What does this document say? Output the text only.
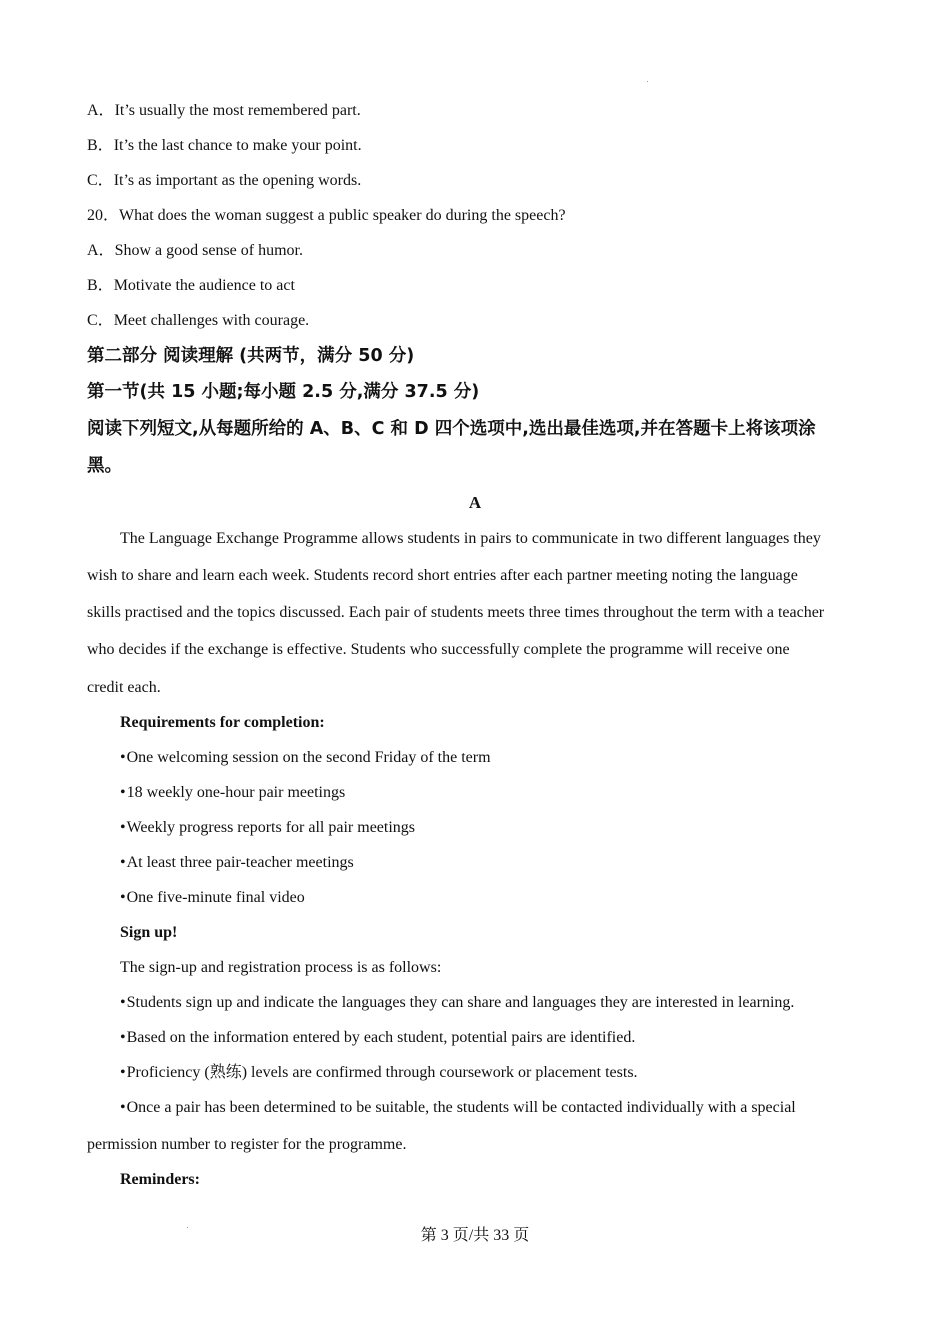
A．It’s usually the most remembered part.
B．It’s the last chance to make your point.
C．It’s as important as the opening words.
20．What does the woman suggest a public speaker do during the speech?
A．Show a good sense of humor.
B．Motivate the audience to act
C．Meet challenges with courage.
第二部分 阅读理解 (共两节，满分 50 分)
第一节(共 15 小题;每小题 2.5 分,满分 37.5 分)
阅读下列短文,从每题所给的 A、B、C 和 D 四个选项中,选出最佳选项,并在答题卡上将该项涂
黑。
A
The Language Exchange Programme allows students in pairs to communicate in two different languages they
wish to share and learn each week. Students record short entries after each partner meeting noting the language
skills practised and the topics discussed. Each pair of students meets three times throughout the term with a teacher
who decides if the exchange is effective. Students who successfully complete the programme will receive one
credit each.
Requirements for completion:
•One welcoming session on the second Friday of the term
•18 weekly one-hour pair meetings
•Weekly progress reports for all pair meetings
•At least three pair-teacher meetings
•One five-minute final video
Sign up!
The sign-up and registration process is as follows:
•Students sign up and indicate the languages they can share and languages they are interested in learning.
•Based on the information entered by each student, potential pairs are identified.
•Proficiency (熟练) levels are confirmed through coursework or placement tests.
•Once a pair has been determined to be suitable, the students will be contacted individually with a special
permission number to register for the programme.
Reminders:
第 3 页/共 33 页
